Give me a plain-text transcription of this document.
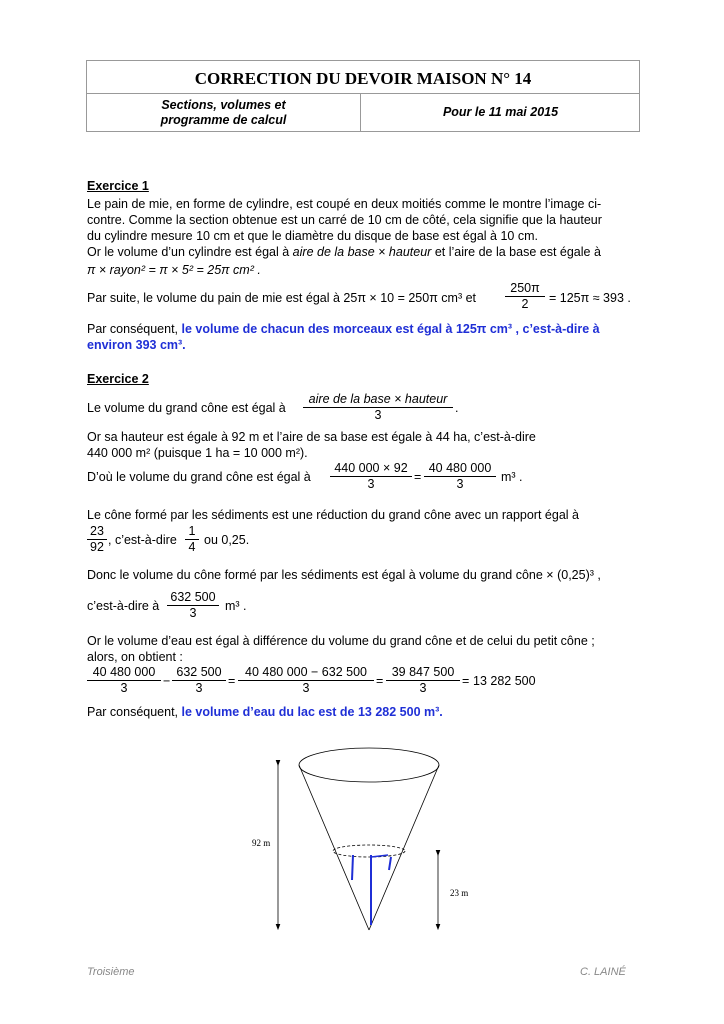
CORRECTION DU DEVOIR MAISON N° 14
Sections, volumes et
programme de calcul
Pour le 11 mai 2015
Exercice 1
Le pain de mie, en forme de cylindre, est coupé en deux moitiés comme le montre l’image ci-
contre. Comme la section obtenue est un carré de 10 cm de côté, cela signifie que la hauteur
du cylindre mesure 10 cm et que le diamètre du disque de base est égal à 10 cm.
Or le volume d’un cylindre est égal à aire de la base × hauteur et l’aire de la base est égale à
π × rayon² = π × 5² = 25π cm² .
Par suite, le volume du pain de mie est égal à 25π × 10 = 250π cm³ et $\frac{250\pi}{2} = 125\pi \approx 393$ .
Par conséquent, le volume de chacun des morceaux est égal à 125π cm³ , c’est-à-dire à
environ 393 cm³.
Exercice 2
Le volume du grand cône est égal à
aire de la base × hauteur
3	.
Or sa hauteur est égale à 92 m et l’aire de sa base est égale à 44 ha, c’est-à-dire
440 000 m² (puisque 1 ha = 10 000 m²).
D’où le volume du grand cône est égal à $\frac{440 000 \times 92}{3} = \frac{40 480 000}{3} m^3$ .
Le cône formé par les sédiments est une réduction du grand cône avec un rapport égal à
$\frac{23}{92}$ , c’est-à-dire $\frac{1}{4}$ ou 0,25.
Donc le volume du cône formé par les sédiments est égal à volume du grand cône × (0,25)³ ,
c’est-à-dire à $\frac{632 500}{3} m^3$ .
Or le volume d’eau est égal à différence du volume du grand cône et de celui du petit cône ;
alors, on obtient :
$\frac{40 480 000}{3} - \frac{632 500}{3} = \frac{40 480 000 - 632 500}{3} = \frac{39 847 500}{3} = 13$ 282 500
Par conséquent, le volume d’eau du lac est de 13 282 500 m³.
92 m
23 m
Troisième	C. LAINÉ
